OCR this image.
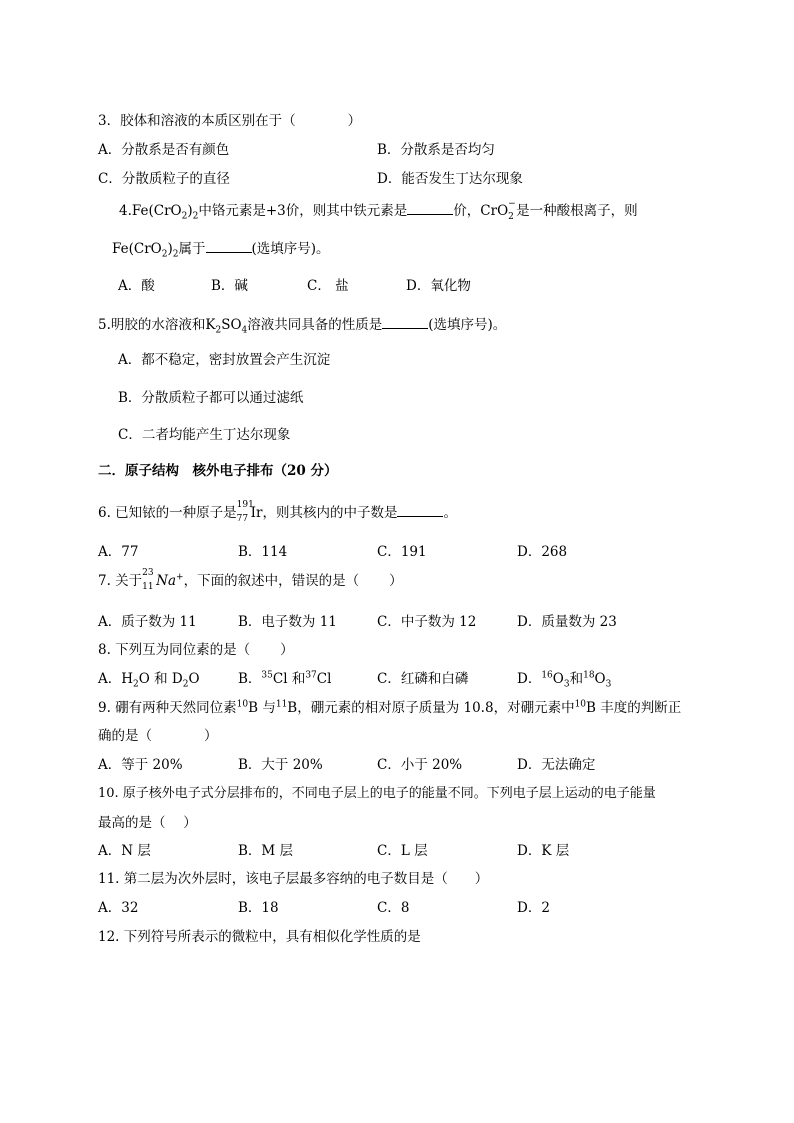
3．胶体和溶液的本质区别在于（	）
A．分散系是否有颜色	B．分散系是否均匀
C．分散质粒子的直径	D．能否发生丁达尔现象
$4.Fe(CrO_2)_2$中铬元素是+3价，则其中铁元素是	价，CrO −
2 是一种酸根离子，则
$Fe(CrO_2)_2$属于	(选填序号)。
A．酸	B．碱	C． 盐	D．氧化物
5.明胶的水溶液和$K_2SO_4$溶液共同具备的性质是	(选填序号)。
A．都不稳定，密封放置会产生沉淀
B．分散质粒子都可以通过滤纸
C．二者均能产生丁达尔现象
二．原子结构　核外电子排布（20 分）
6. 已知铱的一种原子是
191
77 Ir，则其核内的中子数是	。
A．77	B．114	C．191	D．268
7. 关于
23
11 Na+，下面的叙述中，错误的是（ ）
A．质子数为 11	B．电子数为 11	C．中子数为 12	D．质量数为 23
8. 下列互为同位素的是（ ）
A．$H_2O$ 和 $D_2O$	B．$^{35}$Cl 和$^{37}$Cl	C．红磷和白磷	D．$^{16}O_3$和$^{18}O_3$
9. 硼有两种天然同位素$^{10}$B 与$^{11}$B，硼元素的相对原子质量为 10.8，对硼元素中$^{10}$B 丰度的判断正
确的是（	）
A．等于 20%	B．大于 20%	C．小于 20%	D．无法确定
10. 原子核外电子式分层排布的，不同电子层上的电子的能量不同。下列电子层上运动的电子能量
最高的是（　 ）
A．N 层	B．M 层	C．L 层	D．K 层
11. 第二层为次外层时，该电子层最多容纳的电子数目是（　　）
A．32	B．18	C．8	D．2
12. 下列符号所表示的微粒中，具有相似化学性质的是
